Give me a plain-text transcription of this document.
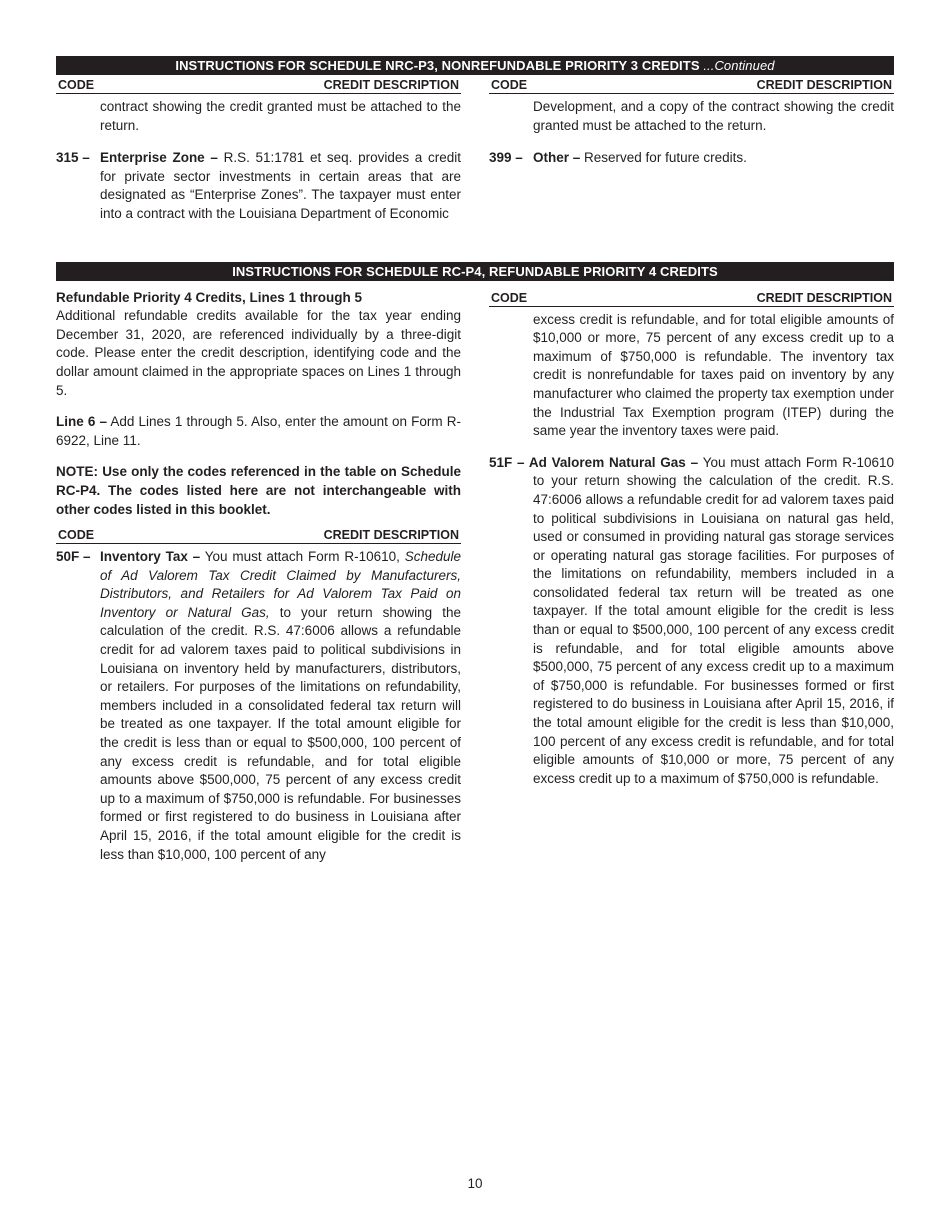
INSTRUCTIONS FOR SCHEDULE NRC-P3, NONREFUNDABLE PRIORITY 3 CREDITS ...Continued
CODE	CREDIT DESCRIPTION

contract showing the credit granted must be attached to the return.

315 – Enterprise Zone – R.S. 51:1781 et seq. provides a credit for private sector investments in certain areas that are designated as “Enterprise Zones”. The taxpayer must enter into a contract with the Louisiana Department of Economic
CODE	CREDIT DESCRIPTION

Development, and a copy of the contract showing the credit granted must be attached to the return.

399 – Other – Reserved for future credits.
INSTRUCTIONS FOR SCHEDULE RC-P4, REFUNDABLE PRIORITY 4 CREDITS

Refundable Priority 4 Credits, Lines 1 through 5

Additional refundable credits available for the tax year ending December 31, 2020, are referenced individually by a three-digit code. Please enter the credit description, identifying code and the dollar amount claimed in the appropriate spaces on Lines 1 through 5.

Line 6 – Add Lines 1 through 5. Also, enter the amount on Form R-6922, Line 11.

NOTE: Use only the codes referenced in the table on Schedule RC-P4. The codes listed here are not interchangeable with other codes listed in this booklet.

CODE	CREDIT DESCRIPTION
50F – Inventory Tax – You must attach Form R-10610, Schedule of Ad Valorem Tax Credit Claimed by Manufacturers, Distributors, and Retailers for Ad Valorem Tax Paid on Inventory or Natural Gas, to your return showing the calculation of the credit. R.S. 47:6006 allows a refundable credit for ad valorem taxes paid to political subdivisions in Louisiana on inventory held by manufacturers, distributors, or retailers. For purposes of the limitations on refundability, members included in a consolidated federal tax return will be treated as one taxpayer. If the total amount eligible for the credit is less than or equal to $500,000, 100 percent of any excess credit is refundable, and for total eligible amounts above $500,000, 75 percent of any excess credit up to a maximum of $750,000 is refundable. For businesses formed or first registered to do business in Louisiana after April 15, 2016, if the total amount eligible for the credit is less than $10,000, 100 percent of any
CODE	CREDIT DESCRIPTION

excess credit is refundable, and for total eligible amounts of $10,000 or more, 75 percent of any excess credit up to a maximum of $750,000 is refundable. The inventory tax credit is nonrefundable for taxes paid on inventory by any manufacturer who claimed the property tax exemption under the Industrial Tax Exemption program (ITEP) during the same year the inventory taxes were paid.

51F – Ad Valorem Natural Gas – You must attach Form R-10610 to your return showing the calculation of the credit. R.S. 47:6006 allows a refundable credit for ad valorem taxes paid to political subdivisions in Louisiana on natural gas held, used or consumed in providing natural gas storage services or operating natural gas storage facilities. For purposes of the limitations on refundability, members included in a consolidated federal tax return will be treated as one taxpayer. If the total amount eligible for the credit is less than or equal to $500,000, 100 percent of any excess credit is refundable, and for total eligible amounts above $500,000, 75 percent of any excess credit up to a maximum of $750,000 is refundable. For businesses formed or first registered to do business in Louisiana after April 15, 2016, if the total amount eligible for the credit is less than $10,000, 100 percent of any excess credit is refundable, and for total eligible amounts of $10,000 or more, 75 percent of any excess credit up to a maximum of $750,000 is refundable.

10
